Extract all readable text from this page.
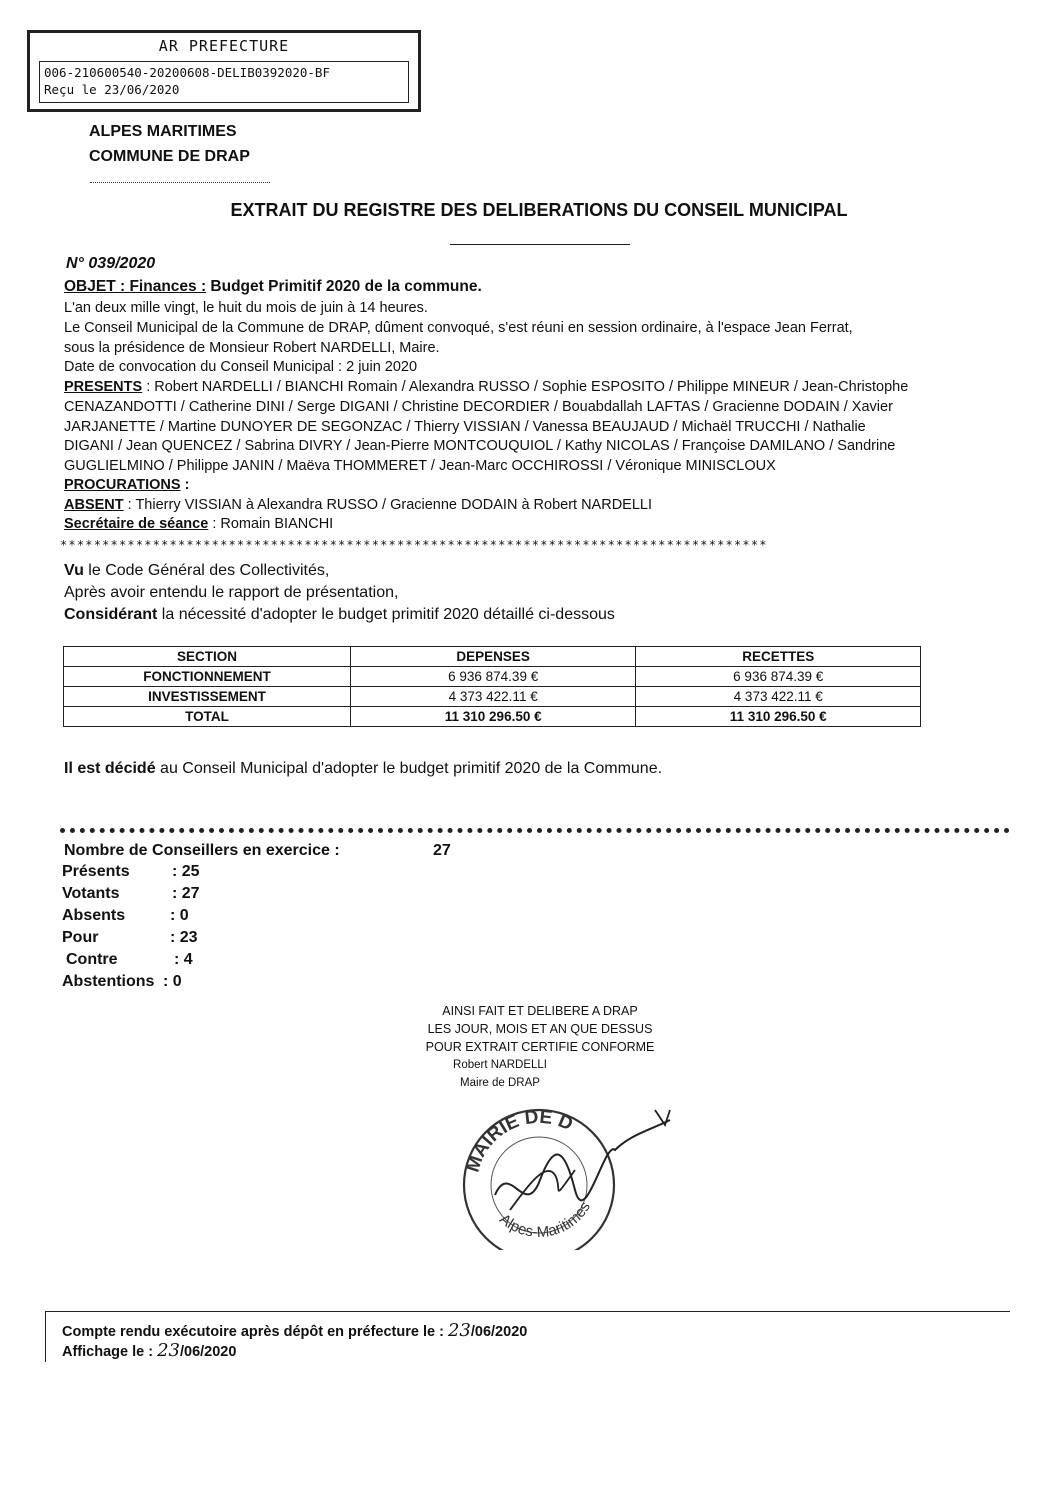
AR PREFECTURE
006-210600540-20200608-DELIB0392020-BF
Reçu le 23/06/2020
ALPES MARITIMES
COMMUNE DE DRAP
EXTRAIT DU REGISTRE DES DELIBERATIONS DU CONSEIL MUNICIPAL
N° 039/2020
OBJET : Finances : Budget Primitif 2020 de la commune.
L'an deux mille vingt, le huit du mois de juin à 14 heures.
Le Conseil Municipal de la Commune de DRAP, dûment convoqué, s'est réuni en session ordinaire, à l'espace Jean Ferrat,
sous la présidence de Monsieur Robert NARDELLI, Maire.
Date de convocation du Conseil Municipal : 2 juin 2020
PRESENTS : Robert NARDELLI / BIANCHI Romain / Alexandra RUSSO / Sophie ESPOSITO / Philippe MINEUR / Jean-Christophe
CENAZANDOTTI / Catherine DINI / Serge DIGANI / Christine DECORDIER / Bouabdallah LAFTAS / Gracienne DODAIN / Xavier
JARJANETTE / Martine DUNOYER DE SEGONZAC / Thierry VISSIAN / Vanessa BEAUJAUD / Michaël TRUCCHI / Nathalie
DIGANI / Jean QUENCEZ / Sabrina DIVRY / Jean-Pierre MONTCOUQUIOL / Kathy NICOLAS / Françoise DAMILANO / Sandrine
GUGLIELMINO / Philippe JANIN / Maëva THOMMERET / Jean-Marc OCCHIROSSI / Véronique MINISCLOUX
PROCURATIONS :
ABSENT : Thierry VISSIAN à Alexandra RUSSO / Gracienne DODAIN à Robert NARDELLI
Secrétaire de séance : Romain BIANCHI
************************************************************************************
Vu le Code Général des Collectivités,
Après avoir entendu le rapport de présentation,
Considérant la nécessité d'adopter le budget primitif 2020 détaillé ci-dessous
SECTION	DEPENSES	RECETTES
FONCTIONNEMENT	6 936 874.39 €	6 936 874.39 €
INVESTISSEMENT	4 373 422.11 €	4 373 422.11 €
TOTAL	11 310 296.50 €	11 310 296.50 €
Il est décidé au Conseil Municipal d'adopter le budget primitif 2020 de la Commune.
Nombre de Conseillers en exercice :	27
Présents	: 25
Votants	: 27
Absents	: 0
Pour	: 23
Contre	: 4
Abstentions : 0
AINSI FAIT ET DELIBERE A DRAP
LES JOUR, MOIS ET AN QUE DESSUS
POUR EXTRAIT CERTIFIE CONFORME
Robert NARDELLI
Maire de DRAP
MAIRIE DE D
Alpes-Maritimes
Compte rendu exécutoire après dépôt en préfecture le : 23/06/2020
Affichage le : 23/06/2020
